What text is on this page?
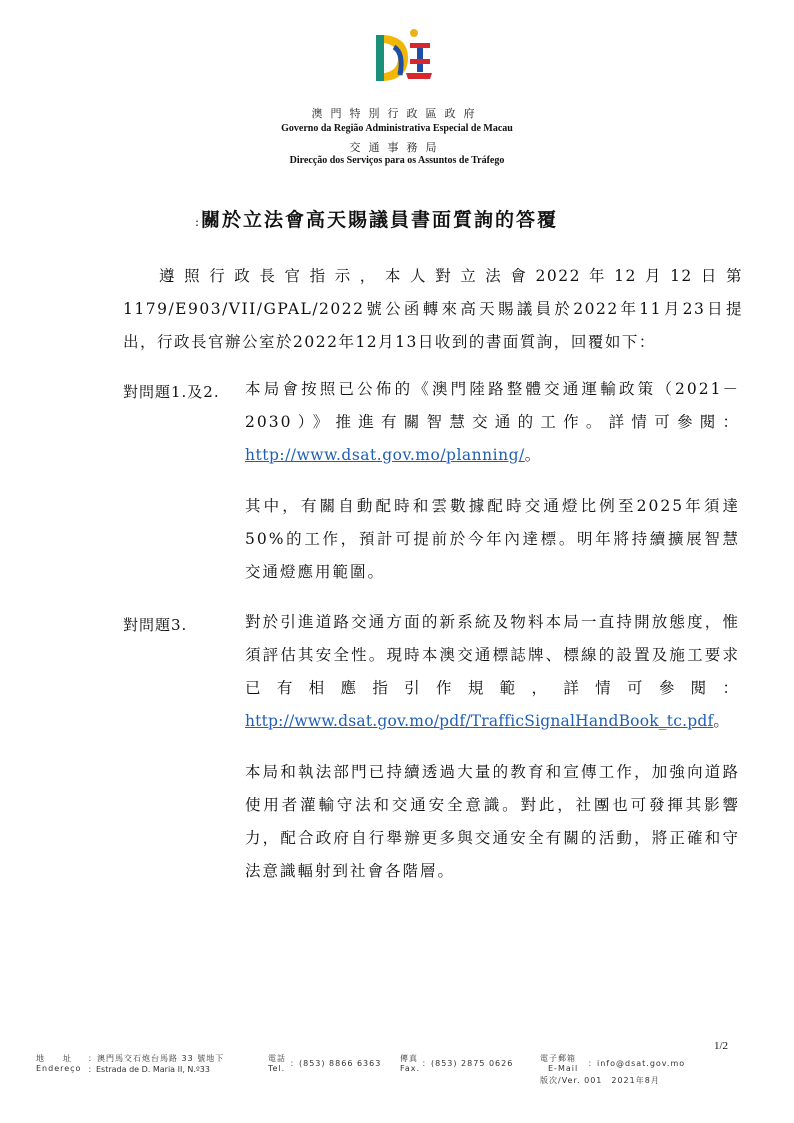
澳門特別行政區政府
Governo da Região Administrativa Especial de Macau
交通事務局
Direcção dos Serviços para os Assuntos de Tráfego
:關於立法會高天賜議員書面質詢的答覆

遵照行政長官指示，本人對立法會2022年12月12日第1179/E903/VII/GPAL/2022號公函轉來高天賜議員於2022年11月23日提出，行政長官辦公室於2022年12月13日收到的書面質詢，回覆如下：

對問題1.及2. 本局會按照已公佈的《澳門陸路整體交通運輸政策（2021－2030）》推進有關智慧交通的工作。詳情可參閱：http://www.dsat.gov.mo/planning/。

其中，有關自動配時和雲數據配時交通燈比例至2025年須達50%的工作，預計可提前於今年內達標。明年將持續擴展智慧交通燈應用範圍。

對問題3.	對於引進道路交通方面的新系統及物料本局一直持開放態度，惟須評估其安全性。現時本澳交通標誌牌、標線的設置及施工要求已有相應指引作規範，詳情可參閱：http://www.dsat.gov.mo/pdf/TrafficSignalHandBook_tc.pdf。

本局和執法部門已持續透過大量的教育和宣傳工作，加強向道路使用者灌輸守法和交通安全意識。對此，社團也可發揮其影響力，配合政府自行舉辦更多與交通安全有關的活動，將正確和守法意識輻射到社會各階層。

1/2
地　　址
Endereço
：澳門馬交石炮台馬路 33 號地下
：Estrada de D. Maria II, N.º33
電話
Tel.
：(853) 8866 6363
傳真
Fax.
：(853) 2875 0626
電子郵箱
E-Mail
：info@dsat.gov.mo
版次/Ver. 001　2021年8月
